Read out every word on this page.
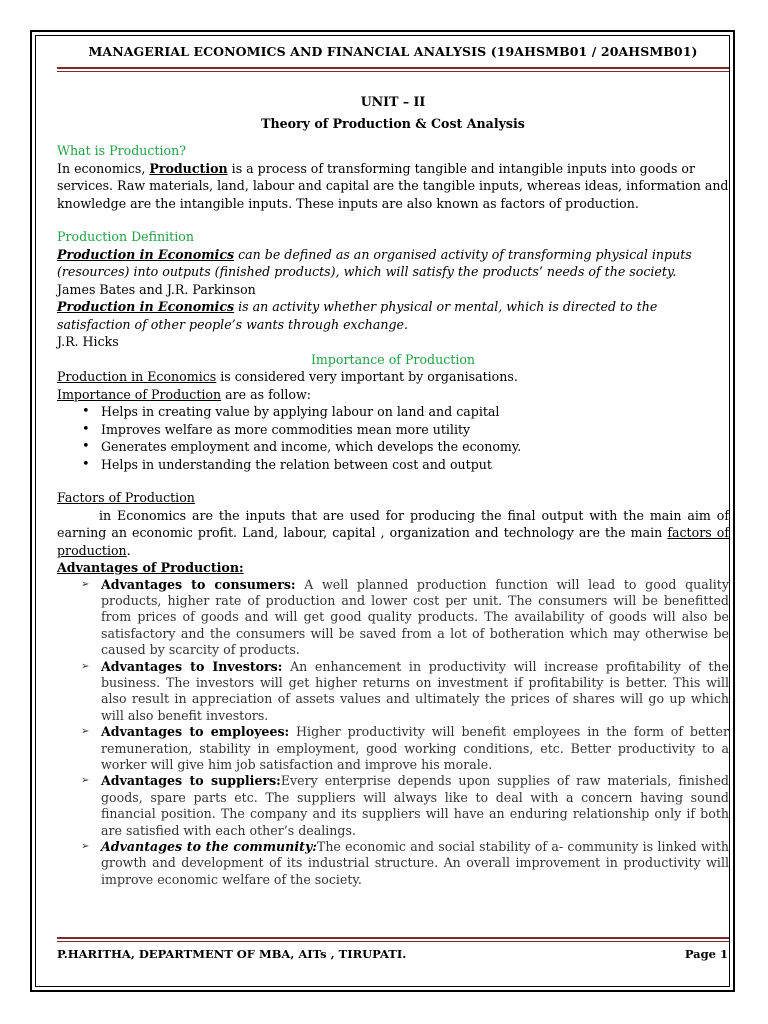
MANAGERIAL ECONOMICS AND FINANCIAL ANALYSIS (19AHSMB01 / 20AHSMB01)

UNIT – II

Theory of Production & Cost Analysis

What is Production?

In economics, Production is a process of transforming tangible and intangible inputs into goods or services. Raw materials, land, labour and capital are the tangible inputs, whereas ideas, information and knowledge are the intangible inputs. These inputs are also known as factors of production.

Production Definition

Production in Economics can be defined as an organised activity of transforming physical inputs (resources) into outputs (finished products), which will satisfy the products’ needs of the society.

James Bates and J.R. Parkinson

Production in Economics is an activity whether physical or mental, which is directed to the satisfaction of other people’s wants through exchange.

J.R. Hicks

Importance of Production

Production in Economics is considered very important by organisations.

Importance of Production are as follow:

• Helps in creating value by applying labour on land and capital
• Improves welfare as more commodities mean more utility
• Generates employment and income, which develops the economy.
• Helps in understanding the relation between cost and output

Factors of Production

in Economics are the inputs that are used for producing the final output with the main aim of earning an economic profit. Land, labour, capital , organization and technology are the main factors of production.

Advantages of Production:

➢ Advantages to consumers: A well planned production function will lead to good quality products, higher rate of production and lower cost per unit. The consumers will be benefitted from prices of goods and will get good quality products. The availability of goods will also be satisfactory and the consumers will be saved from a lot of botheration which may otherwise be caused by scarcity of products.
➢ Advantages to Investors: An enhancement in productivity will increase profitability of the business. The investors will get higher returns on investment if profitability is better. This will also result in appreciation of assets values and ultimately the prices of shares will go up which will also benefit investors.
➢ Advantages to employees: Higher productivity will benefit employees in the form of better remuneration, stability in employment, good working conditions, etc. Better productivity to a worker will give him job satisfaction and improve his morale.
➢ Advantages to suppliers:Every enterprise depends upon supplies of raw materials, finished goods, spare parts etc. The suppliers will always like to deal with a concern having sound financial position. The company and its suppliers will have an enduring relationship only if both are satisfied with each other’s dealings.
➢ Advantages to the community:The economic and social stability of a- community is linked with growth and development of its industrial structure. An overall improvement in productivity will improve economic welfare of the society.
P.HARITHA, DEPARTMENT OF MBA, AITs , TIRUPATI.	Page 1
